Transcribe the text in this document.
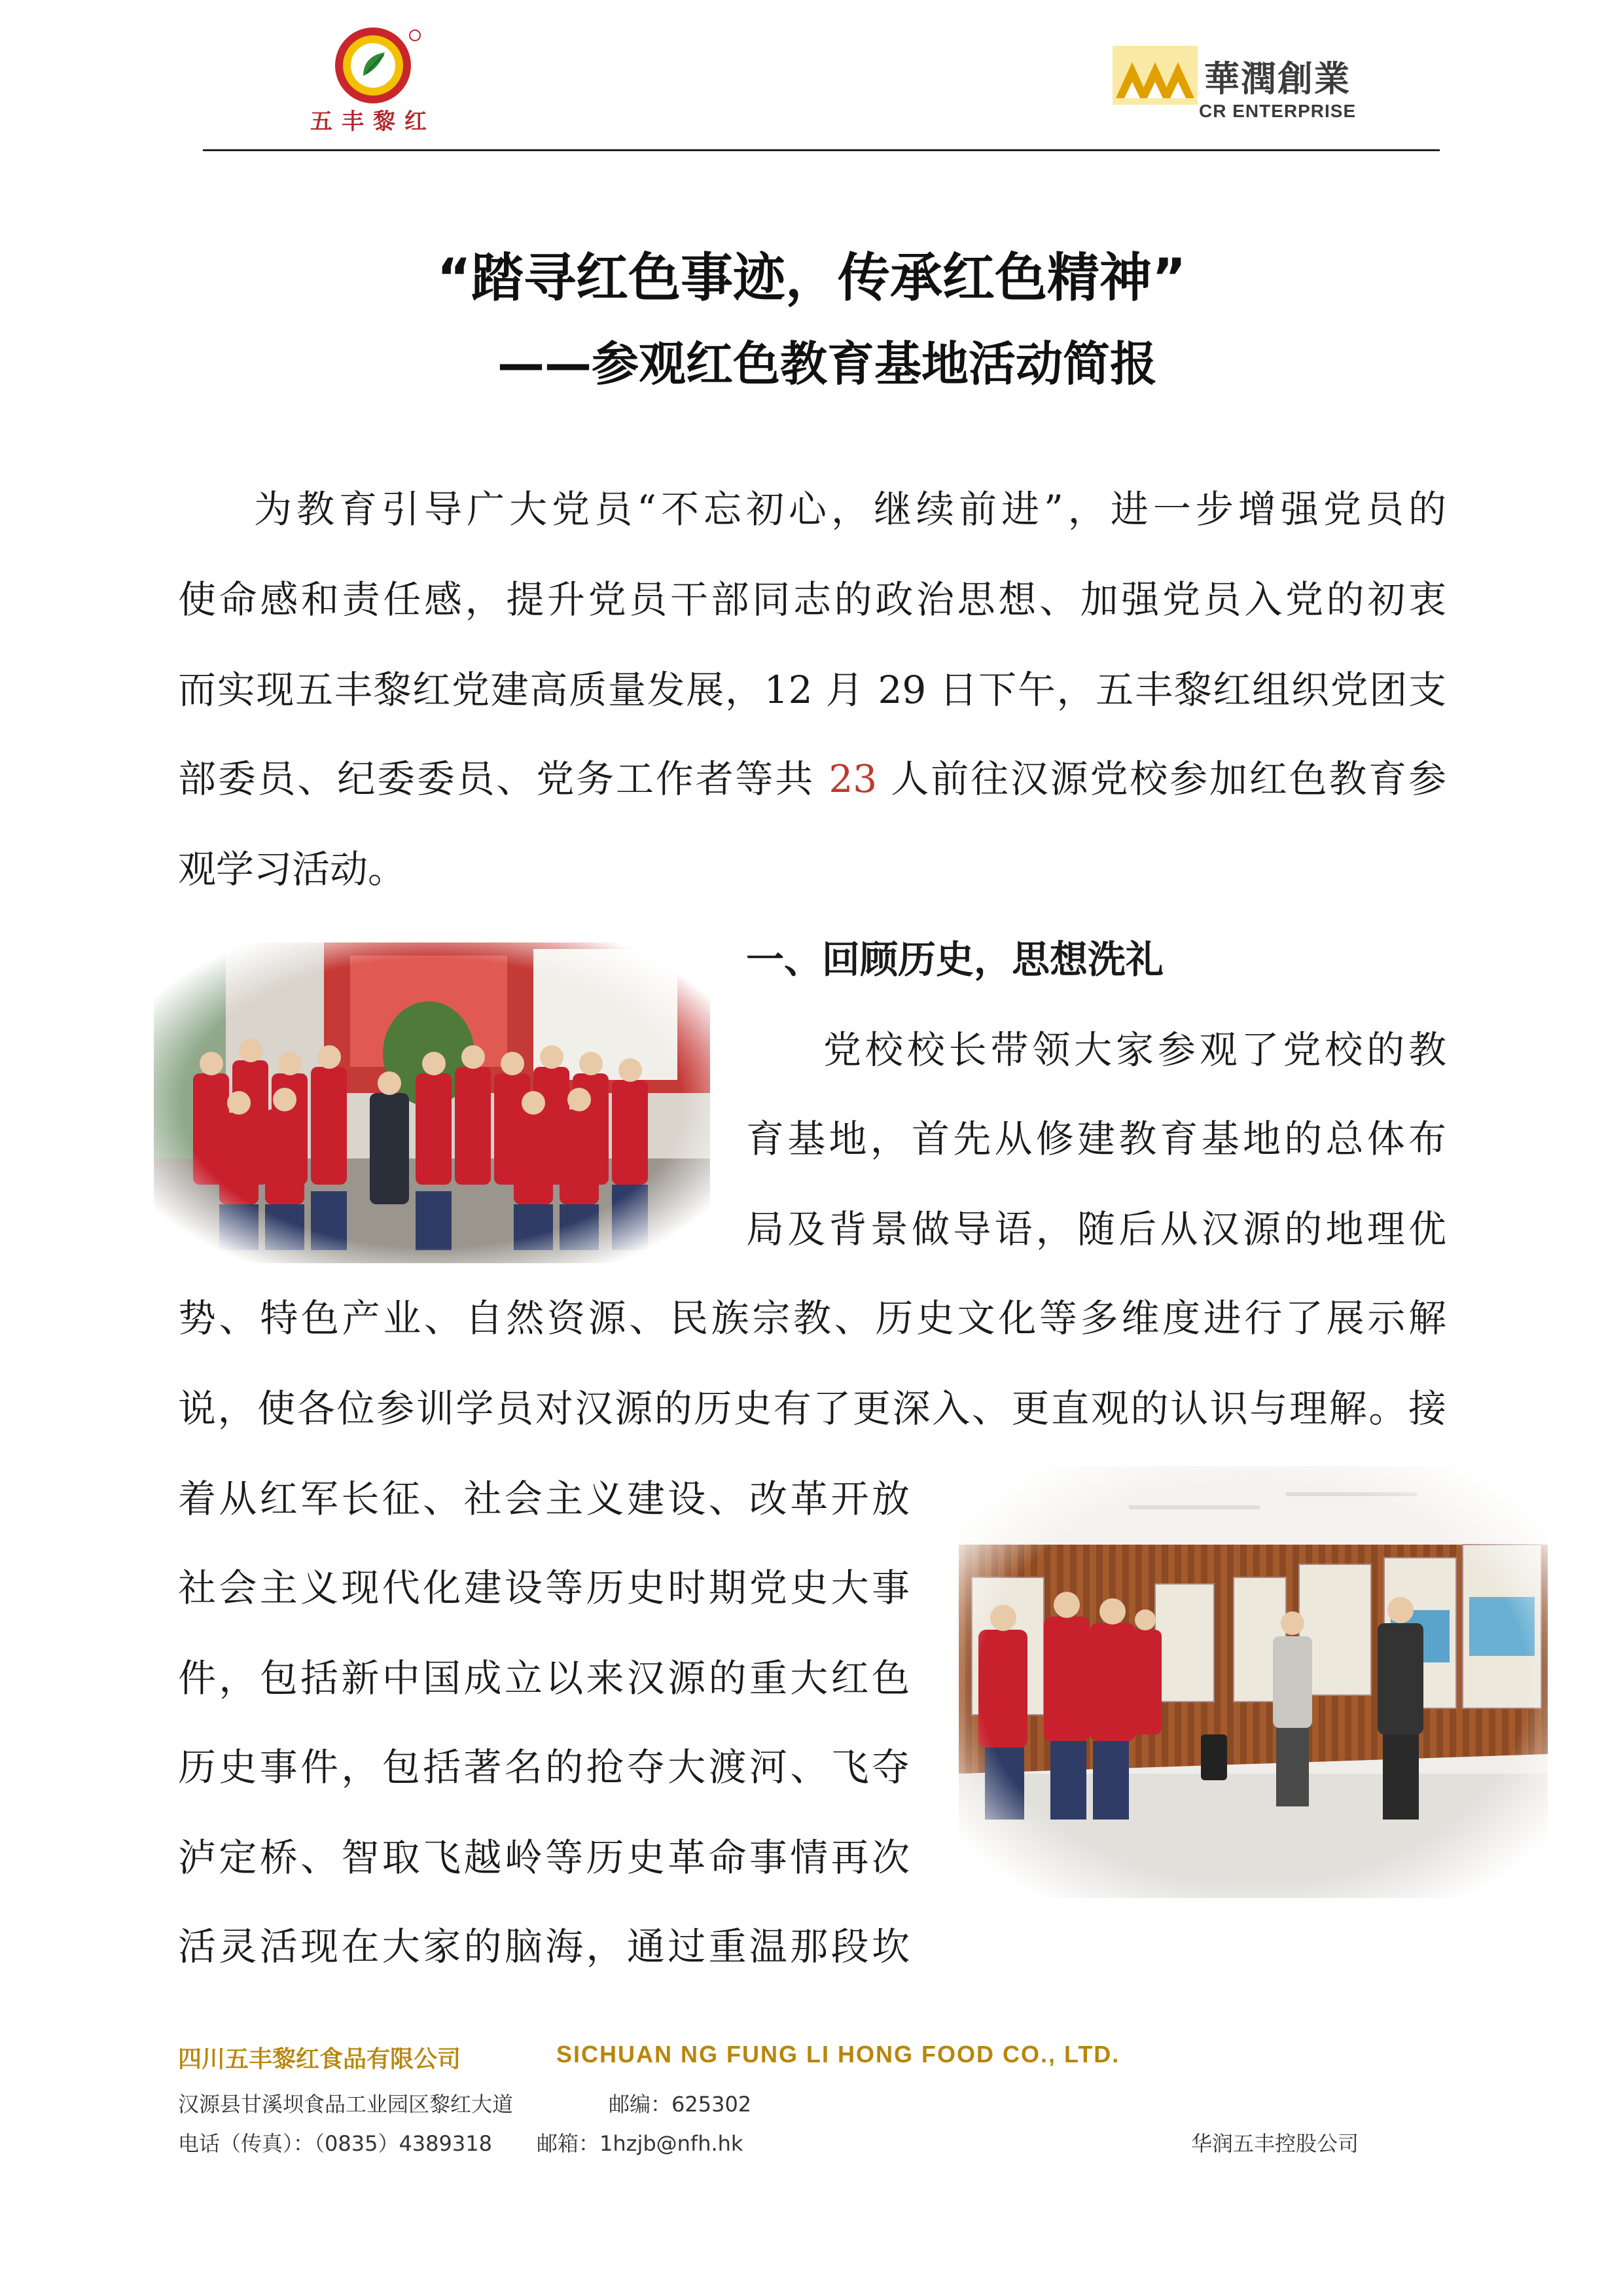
五丰黎红
華潤創業
CR ENTERPRISE
“踏寻红色事迹，传承红色精神”
——参观红色教育基地活动简报
为教育引导广大党员“不忘初心，继续前进”，进一步增强党员的
使命感和责任感，提升党员干部同志的政治思想、加强党员入党的初衷
而实现五丰黎红党建高质量发展，12 月 29 日下午，五丰黎红组织党团支
部委员、纪委委员、党务工作者等共 23 人前往汉源党校参加红色教育参
观学习活动。
一、回顾历史，思想洗礼
党校校长带领大家参观了党校的教
育基地，首先从修建教育基地的总体布
局及背景做导语，随后从汉源的地理优
势、特色产业、自然资源、民族宗教、历史文化等多维度进行了展示解
说，使各位参训学员对汉源的历史有了更深入、更直观的认识与理解。接
着从红军长征、社会主义建设、改革开放
社会主义现代化建设等历史时期党史大事
件，包括新中国成立以来汉源的重大红色
历史事件，包括著名的抢夺大渡河、飞夺
泸定桥、智取飞越岭等历史革命事情再次
活灵活现在大家的脑海，通过重温那段坎
四川五丰黎红食品有限公司	SICHUAN NG FUNG LI HONG FOOD CO., LTD.
汉源县甘溪坝食品工业园区黎红大道	邮编：625302
电话（传真）：（0835）4389318 邮箱：1hzjb@nfh.hk	华润五丰控股公司
